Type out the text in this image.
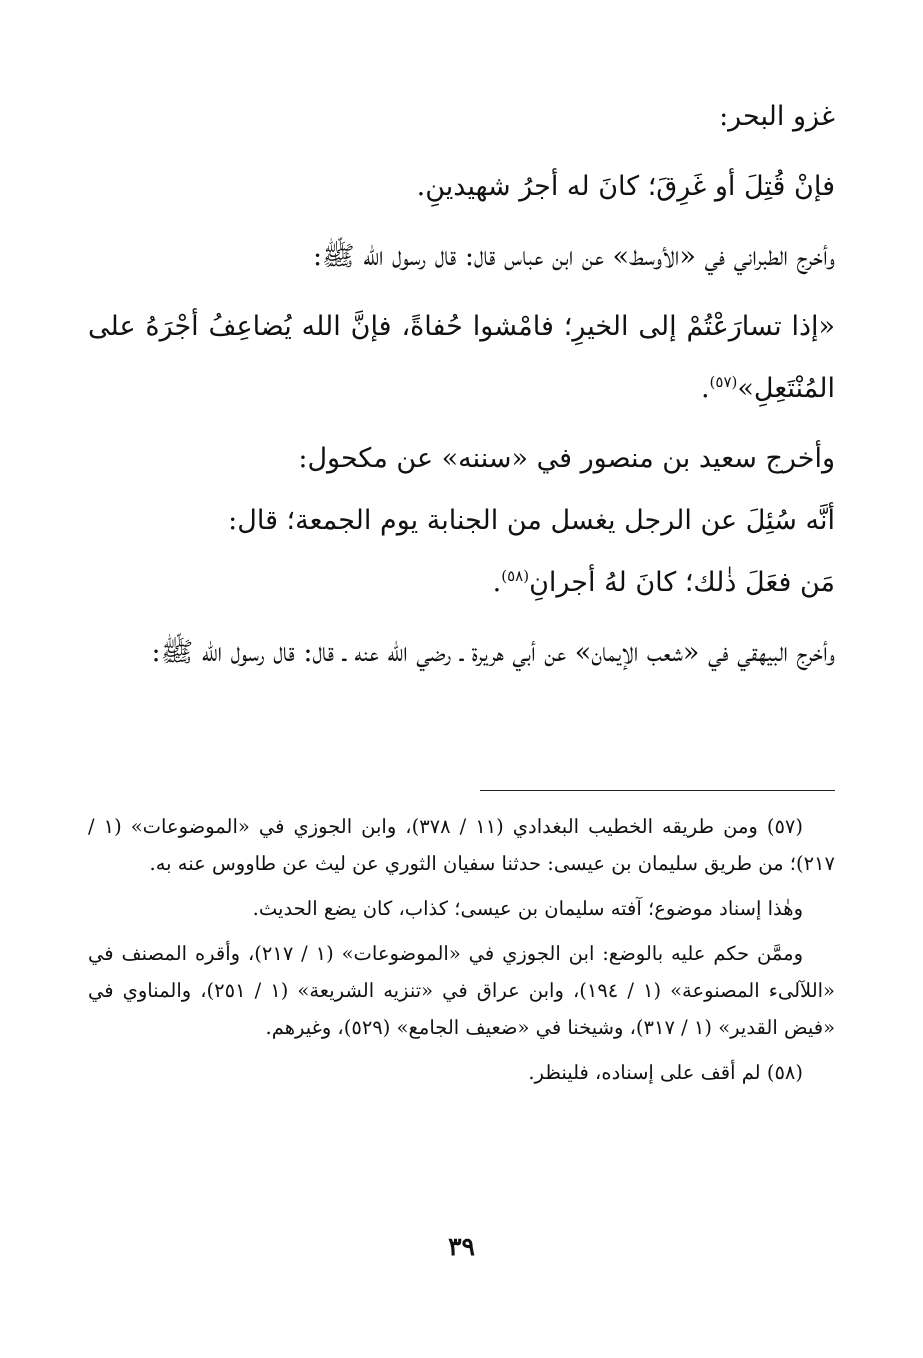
غزو البحر:

فإنْ قُتِلَ أو غَرِقَ؛ كانَ له أجرُ شهيدينِ.

وأخرج الطبراني في «الأوسط» عن ابن عباس قال: قال رسول الله ﷺ:

«إذا تسارَعْتُمْ إلى الخيرِ؛ فامْشوا حُفاةً، فإنَّ الله يُضاعِفُ أجْرَهُ على المُنْتَعِلِ»$^{(٥٧)}$.

وأخرج سعيد بن منصور في «سننه» عن مكحول:

أنَّه سُئِلَ عن الرجل يغسل من الجنابة يوم الجمعة؛ قال:

مَن فعَلَ ذٰلك؛ كانَ لهُ أجرانِ$^{(٥٨)}$.

وأخرج البيهقي في «شعب الإيمان» عن أبي هريرة ـ رضي الله عنه ـ قال: قال رسول الله ﷺ:

(٥٧) ومن طريقه الخطيب البغدادي (١١ / ٣٧٨)، وابن الجوزي في «الموضوعات» (١ / ٢١٧)؛ من طريق سليمان بن عيسى: حدثنا سفيان الثوري عن ليث عن طاووس عنه به.

وهٰذا إسناد موضوع؛ آفته سليمان بن عيسى؛ كذاب، كان يضع الحديث.

وممَّن حكم عليه بالوضع: ابن الجوزي في «الموضوعات» (١ / ٢١٧)، وأقره المصنف في «اللآلىء المصنوعة» (١ / ١٩٤)، وابن عراق في «تنزيه الشريعة» (١ / ٢٥١)، والمناوي في «فيض القدير» (١ / ٣١٧)، وشيخنا في «ضعيف الجامع» (٥٢٩)، وغيرهم.

(٥٨) لم أقف على إسناده، فلينظر.

٣٩
